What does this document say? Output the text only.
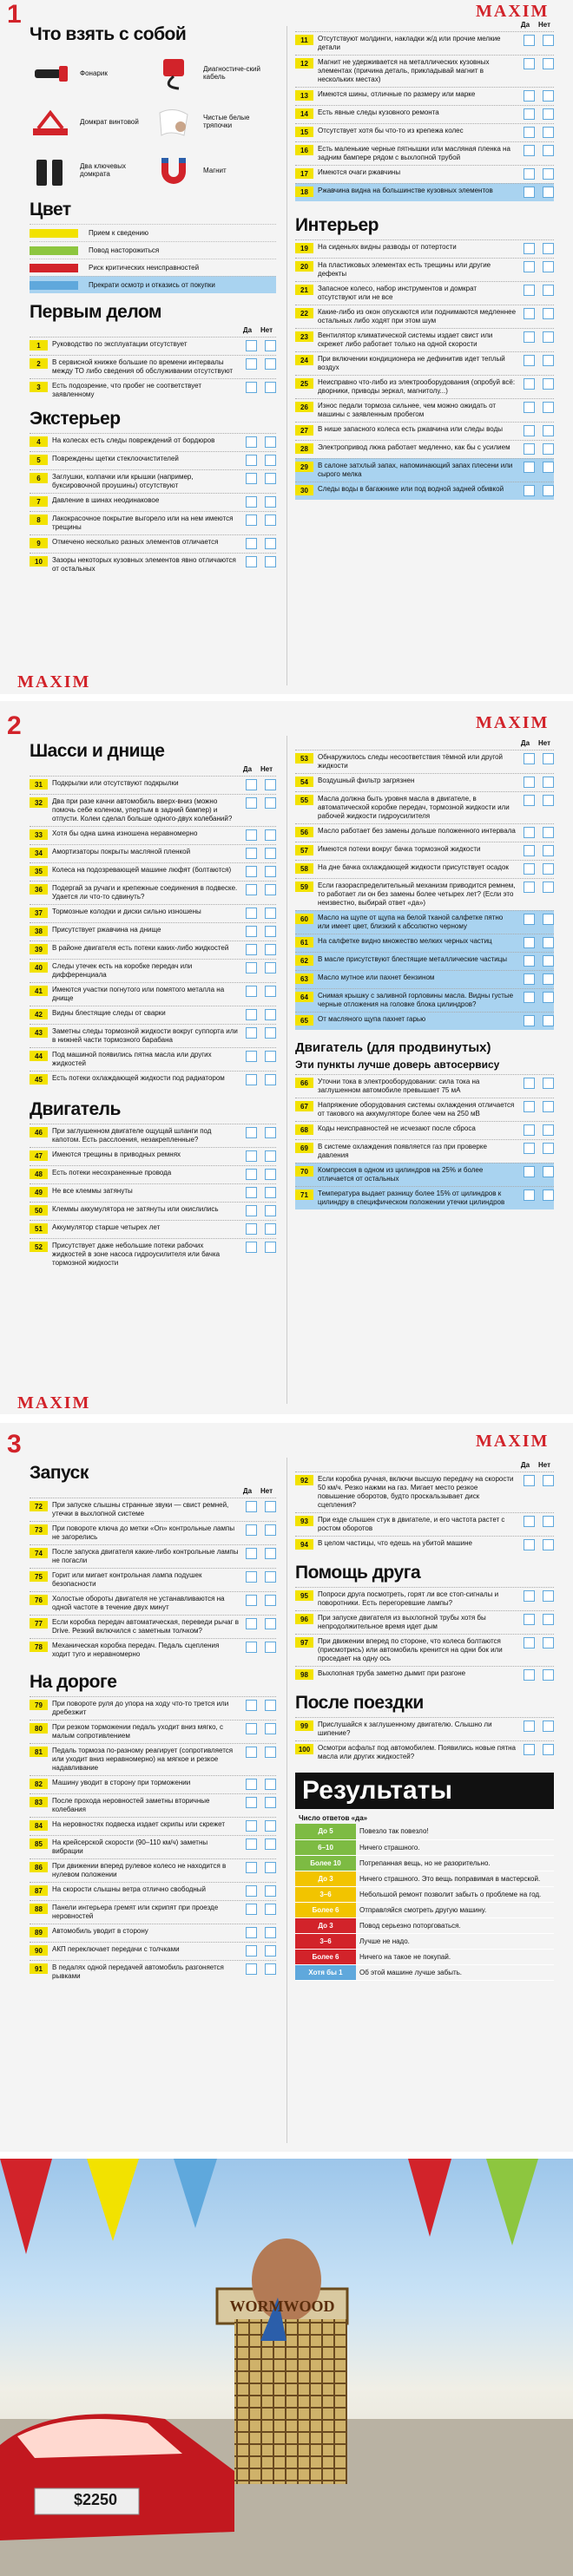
1	MAXIM
Что взять с собой
Фонарик	Диагностиче-ский кабель
Домкрат винтовой	Чистые белые тряпочки
Два ключевых домкрата	Магнит
Цвет
Прием к сведению
Повод насторожиться
Риск критических неисправностей
Прекрати осмотр и отказись от покупки
Первым делом
Да	Нет
1	Руководство по эксплуатации отсутствует
2	В сервисной книжке большие по времени интервалы между ТО либо сведения об обслуживании отсутствуют
3	Есть подозрение, что пробег не соответствует заявленному
Экстерьер
4	На колесах есть следы повреждений от бордюров
5	Повреждены щетки стеклоочистителей
6	Заглушки, колпачки или крышки (например, буксировочной проушины) отсутствуют
7	Давление в шинах неодинаковое
8	Лакокрасочное покрытие выгорело или на нем имеются трещины
9	Отмечено несколько разных элементов отличается
10	Зазоры некоторых кузовных элементов явно отличаются от остальных
Да	Нет
11	Отсутствуют молдинги, накладки ж/д или прочие мелкие детали
12	Магнит не удерживается на металлических кузовных элементах (причина деталь, прикладывай магнит в нескольких местах)
13	Имеются шины, отличные по размеру или марке
14	Есть явные следы кузовного ремонта
15	Отсутствует хотя бы что-то из крепежа колес
16	Есть маленькие черные пятнышки или масляная пленка на задним бампере рядом с выхлопной трубой
17	Имеются очаги ржавчины
18	Ржавчина видна на большинстве кузовных элементов
Интерьер
19	На сиденьях видны разводы от потертости
20	На пластиковых элементах есть трещины или другие дефекты
21	Запасное колесо, набор инструментов и домкрат отсутствуют или не все
22	Какие-либо из окон опускаются или поднимаются медленнее остальных либо ходят при этом шум
23	Вентилятор климатической системы издает свист или скрежет либо работает только на одной скорости
24	При включении кондиционера не дефинитив идет теплый воздух
25	Неисправно что-либо из электрооборудования (опробуй всё: дворники, приводы зеркал, магнитолу...)
26	Износ педали тормоза сильнее, чем можно ожидать от машины с заявленным пробегом
27	В нише запасного колеса есть ржавчина или следы воды
28	Электропривод люка работает медленно, как бы с усилием
29	В салоне затхлый запах, напоминающий запах плесени или сырого мелка
30	Следы воды в багажнике или под водной задней обивкой
MAXIM
2	MAXIM
Шасси и днище
Да	Нет
31	Подкрылки или отсутствуют подкрылки
32	Два при разе качни автомобиль вверх-вниз (можно помочь себе коленом, упертым в задний бампер) и отпусти. Колеи сделал больше одного-двух колебаний?
33	Хотя бы одна шина изношена неравномерно
34	Амортизаторы покрыты масляной пленкой
35	Колеса на подозревающей машине люфят (болтаются)
36	Подергай за ручаги и крепежные соединения в подвеске. Удается ли что-то сдвинуть?
37	Тормозные колодки и диски сильно изношены
38	Присутствует ржавчина на днище
39	В районе двигателя есть потеки каких-либо жидкостей
40	Следы утечек есть на коробке передач или дифференциала
41	Имеются участки погнутого или помятого металла на днище
42	Видны блестящие следы от сварки
43	Заметны следы тормозной жидкости вокруг суппорта или в нижней части тормозного барабана
44	Под машиной появились пятна масла или других жидкостей
45	Есть потеки охлаждающей жидкости под радиатором
Двигатель
46	При заглушенном двигателе ощущай шланги под капотом. Есть расслоения, незакрепленные?
47	Имеются трещины в приводных ремнях
48	Есть потеки несохраненные провода
49	Не все клеммы затянуты
50	Клеммы аккумулятора не затянуты или окислились
51	Аккумулятор старше четырех лет
52	Присутствует даже небольшие потеки рабочих жидкостей в зоне насоса гидроусилителя или бачка тормозной жидкости
Да	Нет
53	Обнаружилось следы несоответствия тёмной или другой жидкости
54	Воздушный фильтр загрязнен
55	Масла должна быть уровня масла в двигателе, в автоматической коробке передач, тормозной жидкости или рабочей жидкости гидроусилителя
56	Масло работает без замены дольше положенного интервала
57	Имеются потеки вокруг бачка тормозной жидкости
58	На дне бачка охлаждающей жидкости присутствует осадок
59	Если газораспределительный механизм приводится ремнем, то работает ли он без замены более четырех лет? (Если это неизвестно, выбирай ответ «да»)
60	Масло на щупе от щупа на белой тканой салфетке пятно или имеет цвет, близкий к абсолютно черному
61	На салфетке видно множество мелких черных частиц
62	В масле присутствуют блестящие металлические частицы
63	Масло мутное или пахнет бензином
64	Снимая крышку с заливной горловины масла. Видны густые черные отложения на головке блока цилиндров?
65	От масляного щупа пахнет гарью
Двигатель (для продвинутых)
Эти пункты лучше доверь автосервису
66	Уточни тока в электрооборудовании: сила тока на заглушенном автомобиле превышает 75 мА
67	Напряжение оборудования системы охлаждения отличается от такового на аккумуляторе более чем на 250 мВ
68	Коды неисправностей не исчезают после сброса
69	В системе охлаждения появляется газ при проверке давления
70	Компрессия в одном из цилиндров на 25% и более отличается от остальных
71	Температура выдает разницу более 15% от цилиндров к цилиндру в специфическом положении утечки цилиндров
MAXIM
3	MAXIM
Запуск
Да	Нет
72	При запуске слышны странные звуки — свист ремней, утечки в выхлопной системе
73	При повороте ключа до метки «On» контрольные лампы не загорелись
74	После запуска двигателя какие-либо контрольные лампы не погасли
75	Горит или мигает контрольная лампа подушек безопасности
76	Холостые обороты двигателя не устанавливаются на одной частоте в течение двух минут
77	Если коробка передач автоматическая, переведи рычаг в Drive. Резкий включился с заметным толчком?
78	Механическая коробка передач. Педаль сцепления ходит туго и неравномерно
На дороге
79	При повороте руля до упора на ходу что-то трется или дребезжит
80	При резком торможении педаль уходит вниз мягко, с малым сопротивлением
81	Педаль тормоза по-разному реагирует (сопротивляется или уходит вниз неравномерно) на мягкое и резкое надавливание
82	Машину уводит в сторону при торможении
83	После прохода неровностей заметны вторичные колебания
84	На неровностях подвеска издает скрипы или скрежет
85	На крейсерской скорости (90–110 км/ч) заметны вибрации
86	При движении вперед рулевое колесо не находится в нулевом положении
87	На скорости слышны ветра отлично свободный
88	Панели интерьера гремят или скрипят при проезде неровностей
89	Автомобиль уводит в сторону
90	АКП переключает передачи с толчками
91	В педалях одной передачей автомобиль разгоняется рывками
Да	Нет
92	Если коробка ручная, включи высшую передачу на скорости 50 км/ч. Резко нажми на газ. Мигает место резкое повышение оборотов, будто проскальзывает диск сцепления?
93	При езде слышен стук в двигателе, и его частота растет с ростом оборотов
94	В целом частицы, что едешь на убитой машине
Помощь друга
95	Попроси друга посмотреть, горят ли все стоп-сигналы и поворотники. Есть перегоревшие лампы?
96	При запуске двигателя из выхлопной трубы хотя бы непродолжительное время идет дым
97	При движении вперед по стороне, что колеса болтаются (присмотрись) или автомобиль кренится на одни бок или проседает на одну ось
98	Выхлопная труба заметно дымит при разгоне
После поездки
99	Прислушайся к заглушенному двигателю. Слышно ли шипение?
100	Осмотри асфальт под автомобилем. Появились новые пятна масла или других жидкостей?
Результаты
Число ответов «да»
До 5	Повезло так повезло!
6–10	Ничего страшного.
Более 10	Потрепанная вещь, но не разорительно.
До 3	Ничего страшного. Это вещь поправимая в мастерской.
3–6	Небольшой ремонт позволит забыть о проблеме на год.
Более 6	Отправляйся смотреть другую машину.
До 3	Повод серьезно поторговаться.
3–6	Лучше не надо.
Более 6	Ничего на такое не покупай.
Хотя бы 1	Об этой машине лучше забыть.
WORMWOOD
$2250
